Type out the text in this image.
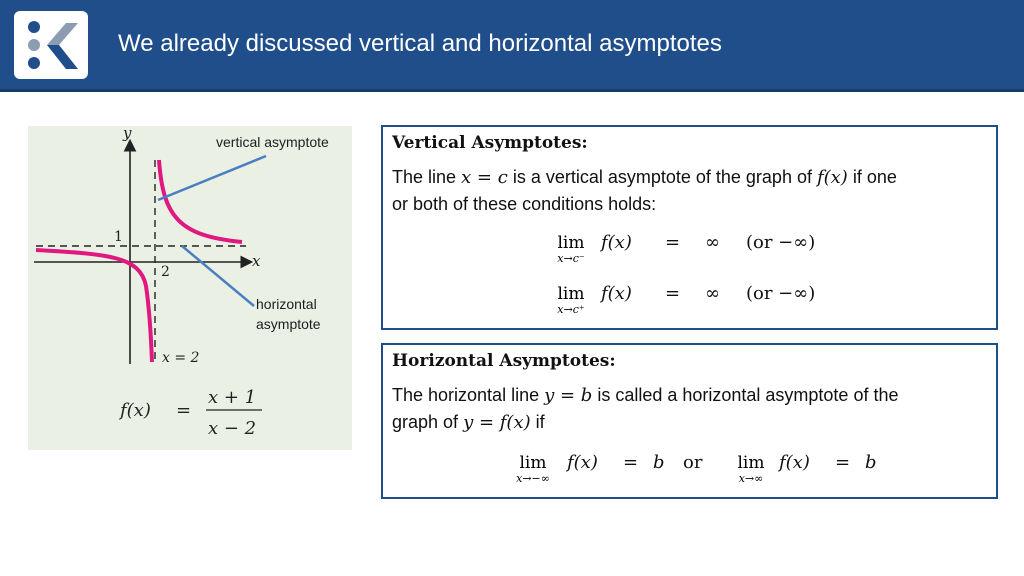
We already discussed vertical and horizontal asymptotes
y
x
1
2
x = 2
f(x) =
x + 1
x − 2
vertical asymptote
horizontal asymptote
Vertical Asymptotes:
The line x = c is a vertical asymptote of the graph of f(x) if one
or both of these conditions holds:
lim
x→c⁻
f(x) = ∞ (or −∞)
lim
x→c⁺
f(x) = ∞ (or −∞)
Horizontal Asymptotes:
The horizontal line y = b is called a horizontal asymptote of the
graph of y = f(x) if
lim
x→−∞
f(x) = b or	lim
x→∞
f(x) = b
